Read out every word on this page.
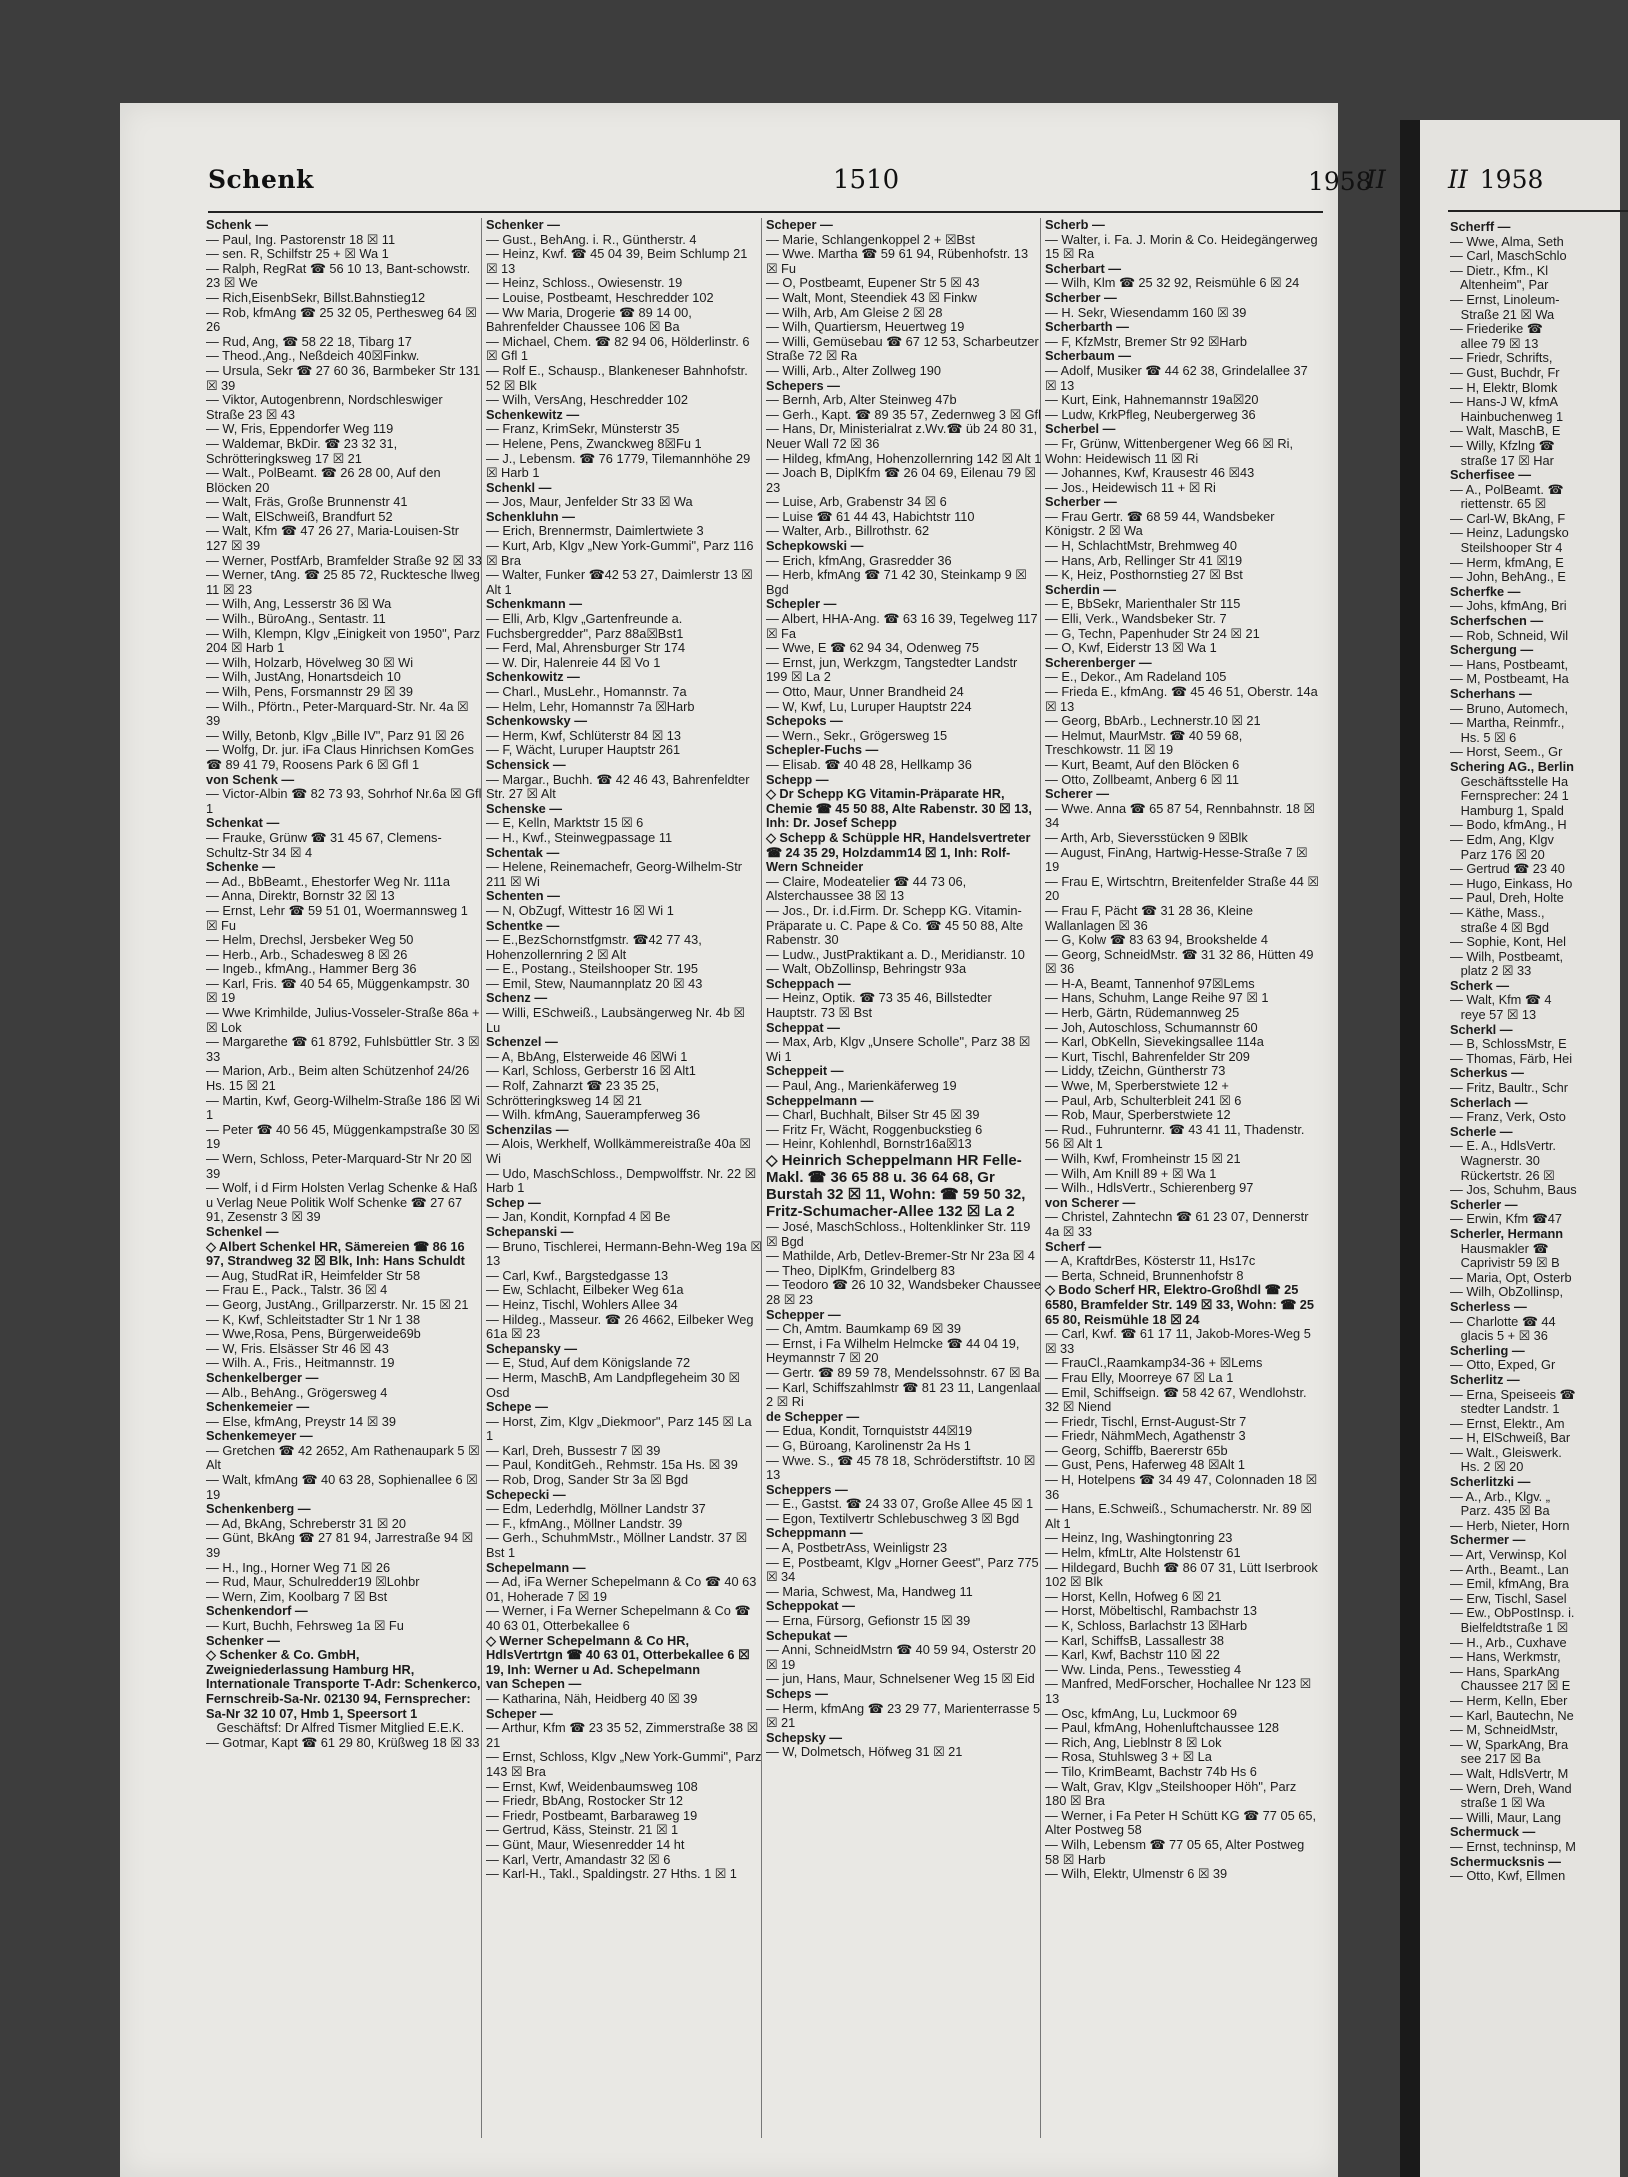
Schenk	1510	1958
II
Schenk —
— Paul, Ing. Pastorenstr 18 ☒ 11
— sen. R, Schilfstr 25 + ☒ Wa 1
— Ralph, RegRat ☎ 56 10 13, Bant-schowstr. 23 ☒ We
— Rich,EisenbSekr, Billst.Bahnstieg12
— Rob, kfmAng ☎ 25 32 05, Perthesweg 64 ☒ 26
— Rud, Ang, ☎ 58 22 18, Tibarg 17
— Theod.,Ang., Neßdeich 40☒Finkw.
— Ursula, Sekr ☎ 27 60 36, Barmbeker Str 131 ☒ 39
— Viktor, Autogenbrenn, Nordschleswiger Straße 23 ☒ 43
— W, Fris, Eppendorfer Weg 119
— Waldemar, BkDir. ☎ 23 32 31, Schrötteringksweg 17 ☒ 21
— Walt., PolBeamt. ☎ 26 28 00, Auf den Blöcken 20
— Walt, Fräs, Große Brunnenstr 41
— Walt, ElSchweiß, Brandfurt 52
— Walt, Kfm ☎ 47 26 27, Maria-Louisen-Str 127 ☒ 39
— Werner, PostfArb, Bramfelder Straße 92 ☒ 33
— Werner, tAng. ☎ 25 85 72, Rucktesche llweg 11 ☒ 23
— Wilh, Ang, Lesserstr 36 ☒ Wa
— Wilh., BüroAng., Sentastr. 11
— Wilh, Klempn, Klgv „Einigkeit von 1950", Parz 204 ☒ Harb 1
— Wilh, Holzarb, Hövelweg 30 ☒ Wi
— Wilh, JustAng, Honartsdeich 10
— Wilh, Pens, Forsmannstr 29 ☒ 39
— Wilh., Pförtn., Peter-Marquard-Str. Nr. 4a ☒ 39
— Willy, Betonb, Klgv „Bille IV", Parz 91 ☒ 26
— Wolfg, Dr. jur. iFa Claus Hinrichsen KomGes ☎ 89 41 79, Roosens Park 6 ☒ Gfl 1
von Schenk —
— Victor-Albin ☎ 82 73 93, Sohrhof Nr.6a ☒ Gfl 1
Schenkat —
— Frauke, Grünw ☎ 31 45 67, Clemens-Schultz-Str 34 ☒ 4
Schenke —
— Ad., BbBeamt., Ehestorfer Weg Nr. 111a
— Anna, Direktr, Bornstr 32 ☒ 13
— Ernst, Lehr ☎ 59 51 01, Woermannsweg 1 ☒ Fu
— Helm, Drechsl, Jersbeker Weg 50
— Herb., Arb., Schadesweg 8 ☒ 26
— Ingeb., kfmAng., Hammer Berg 36
— Karl, Fris. ☎ 40 54 65, Müggenkampstr. 30 ☒ 19
— Wwe Krimhilde, Julius-Vosseler-Straße 86a + ☒ Lok
— Margarethe ☎ 61 8792, Fuhlsbüttler Str. 3 ☒ 33
— Marion, Arb., Beim alten Schützenhof 24/26 Hs. 15 ☒ 21
— Martin, Kwf, Georg-Wilhelm-Straße 186 ☒ Wi 1
— Peter ☎ 40 56 45, Müggenkampstraße 30 ☒ 19
— Wern, Schloss, Peter-Marquard-Str Nr 20 ☒ 39
— Wolf, i d Firm Holsten Verlag Schenke & Haß u Verlag Neue Politik Wolf Schenke ☎ 27 67 91, Zesenstr 3 ☒ 39
Schenkel —
◇ Albert Schenkel HR, Sämereien ☎ 86 16 97, Strandweg 32 ☒ Blk, Inh: Hans Schuldt
— Aug, StudRat iR, Heimfelder Str 58
— Frau E., Pack., Talstr. 36 ☒ 4
— Georg, JustAng., Grillparzerstr. Nr. 15 ☒ 21
— K, Kwf, Schleitstadter Str 1 Nr 1 38
— Wwe,Rosa, Pens, Bürgerweide69b
— W, Fris. Elsässer Str 46 ☒ 43
— Wilh. A., Fris., Heitmannstr. 19
Schenkelberger —
— Alb., BehAng., Grögersweg 4
Schenkemeier —
— Else, kfmAng, Preystr 14 ☒ 39
Schenkemeyer —
— Gretchen ☎ 42 2652, Am Rathenaupark 5 ☒ Alt
— Walt, kfmAng ☎ 40 63 28, Sophienallee 6 ☒ 19
Schenkenberg —
— Ad, BkAng, Schreberstr 31 ☒ 20
— Günt, BkAng ☎ 27 81 94, Jarrestraße 94 ☒ 39
— H., Ing., Horner Weg 71 ☒ 26
— Rud, Maur, Schulredder19 ☒Lohbr
— Wern, Zim, Koolbarg 7 ☒ Bst
Schenkendorf —
— Kurt, Buchh, Fehrsweg 1a ☒ Fu
Schenker —
◇ Schenker & Co. GmbH, Zweigniederlassung Hamburg HR, Internationale Transporte T-Adr: Schenkerco, Fernschreib-Sa-Nr. 02130 94, Fernsprecher: Sa-Nr 32 10 07, Hmb 1, Speersort 1
Geschäftsf: Dr Alfred Tismer Mitglied E.E.K.
— Gotmar, Kapt ☎ 61 29 80, Krüßweg 18 ☒ 33
Schenker —
— Gust., BehAng. i. R., Güntherstr. 4
— Heinz, Kwf. ☎ 45 04 39, Beim Schlump 21 ☒ 13
— Heinz, Schloss., Owiesenstr. 19
— Louise, Postbeamt, Heschredder 102
— Ww Maria, Drogerie ☎ 89 14 00, Bahrenfelder Chaussee 106 ☒ Ba
— Michael, Chem. ☎ 82 94 06, Hölderlinstr. 6 ☒ Gfl 1
— Rolf E., Schausp., Blankeneser Bahnhofstr. 52 ☒ Blk
— Wilh, VersAng, Heschredder 102
Schenkewitz —
— Franz, KrimSekr, Münsterstr 35
— Helene, Pens, Zwanckweg 8☒Fu 1
— J., Lebensm. ☎ 76 1779, Tilemannhöhe 29 ☒ Harb 1
Schenkl —
— Jos, Maur, Jenfelder Str 33 ☒ Wa
Schenkluhn —
— Erich, Brennermstr, Daimlertwiete 3
— Kurt, Arb, Klgv „New York-Gummi", Parz 116 ☒ Bra
— Walter, Funker ☎42 53 27, Daimlerstr 13 ☒ Alt 1
Schenkmann —
— Elli, Arb, Klgv „Gartenfreunde a. Fuchsbergredder", Parz 88a☒Bst1
— Ferd, Mal, Ahrensburger Str 174
— W. Dir, Halenreie 44 ☒ Vo 1
Schenkowitz —
— Charl., MusLehr., Homannstr. 7a
— Helm, Lehr, Homannstr 7a ☒Harb
Schenkowsky —
— Herm, Kwf, Schlüterstr 84 ☒ 13
— F, Wächt, Luruper Hauptstr 261
Schensick —
— Margar., Buchh. ☎ 42 46 43, Bahrenfeldter Str. 27 ☒ Alt
Schenske —
— E, Kelln, Marktstr 15 ☒ 6
— H., Kwf., Steinwegpassage 11
Schentak —
— Helene, Reinemachefr, Georg-Wilhelm-Str 211 ☒ Wi
Schenten —
— N, ObZugf, Wittestr 16 ☒ Wi 1
Schentke —
— E.,BezSchornstfgmstr. ☎42 77 43, Hohenzollernring 2 ☒ Alt
— E., Postang., Steilshooper Str. 195
— Emil, Stew, Naumannplatz 20 ☒ 43
Schenz —
— Willi, ESchweiß., Laubsängerweg Nr. 4b ☒ Lu
Schenzel —
— A, BbAng, Elsterweide 46 ☒Wi 1
— Karl, Schloss, Gerberstr 16 ☒ Alt1
— Rolf, Zahnarzt ☎ 23 35 25, Schrötteringksweg 14 ☒ 21
— Wilh. kfmAng, Sauerampferweg 36
Schenzilas —
— Alois, Werkhelf, Wollkämmereistraße 40a ☒ Wi
— Udo, MaschSchloss., Dempwolffstr. Nr. 22 ☒ Harb 1
Schep —
— Jan, Kondit, Kornpfad 4 ☒ Be
Schepanski —
— Bruno, Tischlerei, Hermann-Behn-Weg 19a ☒ 13
— Carl, Kwf., Bargstedgasse 13
— Ew, Schlacht, Eilbeker Weg 61a
— Heinz, Tischl, Wohlers Allee 34
— Hildeg., Masseur. ☎ 26 4662, Eilbeker Weg 61a ☒ 23
Schepansky —
— E, Stud, Auf dem Königslande 72
— Herm, MaschB, Am Landpflegeheim 30 ☒ Osd
Schepe —
— Horst, Zim, Klgv „Diekmoor", Parz 145 ☒ La 1
— Karl, Dreh, Bussestr 7 ☒ 39
— Paul, KonditGeh., Rehmstr. 15a Hs. ☒ 39
— Rob, Drog, Sander Str 3a ☒ Bgd
Schepecki —
— Edm, Lederhdlg, Möllner Landstr 37
— F., kfmAng., Möllner Landstr. 39
— Gerh., SchuhmMstr., Möllner Landstr. 37 ☒ Bst 1
Schepelmann —
— Ad, iFa Werner Schepelmann & Co ☎ 40 63 01, Hoherade 7 ☒ 19
— Werner, i Fa Werner Schepelmann & Co ☎ 40 63 01, Otterbekallee 6
◇ Werner Schepelmann & Co HR, HdlsVertrtgn ☎ 40 63 01, Otterbekallee 6 ☒ 19, Inh: Werner u Ad. Schepelmann
van Schepen —
— Katharina, Näh, Heidberg 40 ☒ 39
Scheper —
— Arthur, Kfm ☎ 23 35 52, Zimmerstraße 38 ☒ 21
— Ernst, Schloss, Klgv „New York-Gummi", Parz 143 ☒ Bra
— Ernst, Kwf, Weidenbaumsweg 108
— Friedr, BbAng, Rostocker Str 12
— Friedr, Postbeamt, Barbaraweg 19
— Gertrud, Käss, Steinstr. 21 ☒ 1
— Günt, Maur, Wiesenredder 14 ht
— Karl, Vertr, Amandastr 32 ☒ 6
— Karl-H., Takl., Spaldingstr. 27 Hths. 1 ☒ 1
Scheper —
— Marie, Schlangenkoppel 2 + ☒Bst
— Wwe. Martha ☎ 59 61 94, Rübenhofstr. 13 ☒ Fu
— O, Postbeamt, Eupener Str 5 ☒ 43
— Walt, Mont, Steendiek 43 ☒ Finkw
— Wilh, Arb, Am Gleise 2 ☒ 28
— Wilh, Quartiersm, Heuertweg 19
— Willi, Gemüsebau ☎ 67 12 53, Scharbeutzer Straße 72 ☒ Ra
— Willi, Arb., Alter Zollweg 190
Schepers —
— Bernh, Arb, Alter Steinweg 47b
— Gerh., Kapt. ☎ 89 35 57, Zedernweg 3 ☒ Gfl
— Hans, Dr, Ministerialrat z.Wv.☎ üb 24 80 31, Neuer Wall 72 ☒ 36
— Hildeg, kfmAng, Hohenzollernring 142 ☒ Alt 1
— Joach B, DiplKfm ☎ 26 04 69, Eilenau 79 ☒ 23
— Luise, Arb, Grabenstr 34 ☒ 6
— Luise ☎ 61 44 43, Habichtstr 110
— Walter, Arb., Billrothstr. 62
Schepkowski —
— Erich, kfmAng, Grasredder 36
— Herb, kfmAng ☎ 71 42 30, Steinkamp 9 ☒ Bgd
Schepler —
— Albert, HHA-Ang. ☎ 63 16 39, Tegelweg 117 ☒ Fa
— Wwe, E ☎ 62 94 34, Odenweg 75
— Ernst, jun, Werkzgm, Tangstedter Landstr 199 ☒ La 2
— Otto, Maur, Unner Brandheid 24
— W, Kwf, Lu, Luruper Hauptstr 224
Schepoks —
— Wern., Sekr., Grögersweg 15
Schepler-Fuchs —
— Elisab. ☎ 40 48 28, Hellkamp 36
Schepp —
◇ Dr Schepp KG Vitamin-Präparate HR, Chemie ☎ 45 50 88, Alte Rabenstr. 30 ☒ 13, Inh: Dr. Josef Schepp
◇ Schepp & Schüpple HR, Handelsvertreter ☎ 24 35 29, Holzdamm14 ☒ 1, Inh: Rolf-Wern Schneider
— Claire, Modeatelier ☎ 44 73 06, Alsterchaussee 38 ☒ 13
— Jos., Dr. i.d.Firm. Dr. Schepp KG. Vitamin-Präparate u. C. Pape & Co. ☎ 45 50 88, Alte Rabenstr. 30
— Ludw., JustPraktikant a. D., Meridianstr. 10
— Walt, ObZollinsp, Behringstr 93a
Scheppach —
— Heinz, Optik. ☎ 73 35 46, Billstedter Hauptstr. 73 ☒ Bst
Scheppat —
— Max, Arb, Klgv „Unsere Scholle", Parz 38 ☒ Wi 1
Scheppeit —
— Paul, Ang., Marienkäferweg 19
Scheppelmann —
— Charl, Buchhalt, Bilser Str 45 ☒ 39
— Fritz Fr, Wächt, Roggenbuckstieg 6
— Heinr, Kohlenhdl, Bornstr16a☒13
◇ Heinrich Scheppelmann HR Felle-Makl. ☎ 36 65 88 u. 36 64 68, Gr Burstah 32 ☒ 11, Wohn: ☎ 59 50 32, Fritz-Schumacher-Allee 132 ☒ La 2
— José, MaschSchloss., Holtenklinker Str. 119 ☒ Bgd
— Mathilde, Arb, Detlev-Bremer-Str Nr 23a ☒ 4
— Theo, DiplKfm, Grindelberg 83
— Teodoro ☎ 26 10 32, Wandsbeker Chaussee 28 ☒ 23
Schepper —
— Ch, Amtm. Baumkamp 69 ☒ 39
— Ernst, i Fa Wilhelm Helmcke ☎ 44 04 19, Heymannstr 7 ☒ 20
— Gertr. ☎ 89 59 78, Mendelssohnstr. 67 ☒ Ba
— Karl, Schiffszahlmstr ☎ 81 23 11, Langenlaal 2 ☒ Ri
de Schepper —
— Edua, Kondit, Tornquiststr 44☒19
— G, Büroang, Karolinenstr 2a Hs 1
— Wwe. S., ☎ 45 78 18, Schröderstiftstr. 10 ☒ 13
Scheppers —
— E., Gastst. ☎ 24 33 07, Große Allee 45 ☒ 1
— Egon, Textilvertr Schlebuschweg 3 ☒ Bgd
Scheppmann —
— A, PostbetrAss, Weinligstr 23
— E, Postbeamt, Klgv „Horner Geest", Parz 775 ☒ 34
— Maria, Schwest, Ma, Handweg 11
Scheppokat —
— Erna, Fürsorg, Gefionstr 15 ☒ 39
Schepukat —
— Anni, SchneidMstrn ☎ 40 59 94, Osterstr 20 ☒ 19
— jun, Hans, Maur, Schnelsener Weg 15 ☒ Eid
Scheps —
— Herm, kfmAng ☎ 23 29 77, Marienterrasse 5 ☒ 21
Schepsky —
— W, Dolmetsch, Höfweg 31 ☒ 21
Scherb —
— Walter, i. Fa. J. Morin & Co. Heidegängerweg 15 ☒ Ra
Scherbart —
— Wilh, Klm ☎ 25 32 92, Reismühle 6 ☒ 24
Scherber —
— H. Sekr, Wiesendamm 160 ☒ 39
Scherbarth —
— F, KfzMstr, Bremer Str 92 ☒Harb
Scherbaum —
— Adolf, Musiker ☎ 44 62 38, Grindelallee 37 ☒ 13
— Kurt, Eink, Hahnemannstr 19a☒20
— Ludw, KrkPfleg, Neubergerweg 36
Scherbel —
— Fr, Grünw, Wittenbergener Weg 66 ☒ Ri, Wohn: Heidewisch 11 ☒ Ri
— Johannes, Kwf, Krausestr 46 ☒43
— Jos., Heidewisch 11 + ☒ Ri
Scherber —
— Frau Gertr. ☎ 68 59 44, Wandsbeker Königstr. 2 ☒ Wa
— H, SchlachtMstr, Brehmweg 40
— Hans, Arb, Rellinger Str 41 ☒19
— K, Heiz, Posthornstieg 27 ☒ Bst
Scherdin —
— E, BbSekr, Marienthaler Str 115
— Elli, Verk., Wandsbeker Str. 7
— G, Techn, Papenhuder Str 24 ☒ 21
— O, Kwf, Eiderstr 13 ☒ Wa 1
Scherenberger —
— E., Dekor., Am Radeland 105
— Frieda E., kfmAng. ☎ 45 46 51, Oberstr. 14a ☒ 13
— Georg, BbArb., Lechnerstr.10 ☒ 21
— Helmut, MaurMstr. ☎ 40 59 68, Treschkowstr. 11 ☒ 19
— Kurt, Beamt, Auf den Blöcken 6
— Otto, Zollbeamt, Anberg 6 ☒ 11
Scherer —
— Wwe. Anna ☎ 65 87 54, Rennbahnstr. 18 ☒ 34
— Arth, Arb, Sieversstücken 9 ☒Blk
— August, FinAng, Hartwig-Hesse-Straße 7 ☒ 19
— Frau E, Wirtschtrn, Breitenfelder Straße 44 ☒ 20
— Frau F, Pächt ☎ 31 28 36, Kleine Wallanlagen ☒ 36
— G, Kolw ☎ 83 63 94, Brookshelde 4
— Georg, SchneidMstr. ☎ 31 32 86, Hütten 49 ☒ 36
— H-A, Beamt, Tannenhof 97☒Lems
— Hans, Schuhm, Lange Reihe 97 ☒ 1
— Herb, Gärtn, Rüdemannweg 25
— Joh, Autoschloss, Schumannstr 60
— Karl, ObKelln, Sievekingsallee 114a
— Kurt, Tischl, Bahrenfelder Str 209
— Liddy, tZeichn, Güntherstr 73
— Wwe, M, Sperberstwiete 12 +
— Paul, Arb, Schulterbleit 241 ☒ 6
— Rob, Maur, Sperberstwiete 12
— Rud., Fuhrunternr. ☎ 43 41 11, Thadenstr. 56 ☒ Alt 1
— Wilh, Kwf, Fromheinstr 15 ☒ 21
— Wilh, Am Knill 89 + ☒ Wa 1
— Wilh., HdlsVertr., Schierenberg 97
von Scherer —
— Christel, Zahntechn ☎ 61 23 07, Dennerstr 4a ☒ 33
Scherf —
— A, KraftdrBes, Kösterstr 11, Hs17c
— Berta, Schneid, Brunnenhofstr 8
◇ Bodo Scherf HR, Elektro-Großhdl ☎ 25 6580, Bramfelder Str. 149 ☒ 33, Wohn: ☎ 25 65 80, Reismühle 18 ☒ 24
— Carl, Kwf. ☎ 61 17 11, Jakob-Mores-Weg 5 ☒ 33
— FrauCl.,Raamkamp34-36 + ☒Lems
— Frau Elly, Moorreye 67 ☒ La 1
— Emil, Schiffseign. ☎ 58 42 67, Wendlohstr. 32 ☒ Niend
— Friedr, Tischl, Ernst-August-Str 7
— Friedr, NähmMech, Agathenstr 3
— Georg, Schiffb, Baererstr 65b
— Gust, Pens, Haferweg 48 ☒Alt 1
— H, Hotelpens ☎ 34 49 47, Colonnaden 18 ☒ 36
— Hans, E.Schweiß., Schumacherstr. Nr. 89 ☒ Alt 1
— Heinz, Ing, Washingtonring 23
— Helm, kfmLtr, Alte Holstenstr 61
— Hildegard, Buchh ☎ 86 07 31, Lütt Iserbrook 102 ☒ Blk
— Horst, Kelln, Hofweg 6 ☒ 21
— Horst, Möbeltischl, Rambachstr 13
— K, Schloss, Barlachstr 13 ☒Harb
— Karl, SchiffsB, Lassallestr 38
— Karl, Kwf, Bachstr 110 ☒ 22
— Ww. Linda, Pens., Tewesstieg 4
— Manfred, MedForscher, Hochallee Nr 123 ☒ 13
— Osc, kfmAng, Lu, Luckmoor 69
— Paul, kfmAng, Hohenluftchaussee 128
— Rich, Ang, Lieblnstr 8 ☒ Lok
— Rosa, Stuhlsweg 3 + ☒ La
— Tilo, KrimBeamt, Bachstr 74b Hs 6
— Walt, Grav, Klgv „Steilshooper Höh", Parz 180 ☒ Bra
— Werner, i Fa Peter H Schütt KG ☎ 77 05 65, Alter Postweg 58
— Wilh, Lebensm ☎ 77 05 65, Alter Postweg 58 ☒ Harb
— Wilh, Elektr, Ulmenstr 6 ☒ 39
II 1958
Scherff —
— Wwe, Alma, Seth
— Carl, MaschSchlo
— Dietr., Kfm., Kl
Altenheim", Par
— Ernst, Linoleum-
Straße 21 ☒ Wa
— Friederike ☎
allee 79 ☒ 13
— Friedr, Schrifts,
— Gust, Buchdr, Fr
— H, Elektr, Blomk
— Hans-J W, kfmA
Hainbuchenweg 1
— Walt, MaschB, E
— Willy, Kfzlng ☎
straße 17 ☒ Har
Scherfisee —
— A., PolBeamt. ☎
riettenstr. 65 ☒
— Carl-W, BkAng, F
— Heinz, Ladungsko
Steilshooper Str 4
— Herm, kfmAng, E
— John, BehAng., E
Scherfke —
— Johs, kfmAng, Bri
Scherfschen —
— Rob, Schneid, Wil
Schergung —
— Hans, Postbeamt,
— M, Postbeamt, Ha
Scherhans —
— Bruno, Automech,
— Martha, Reinmfr.,
Hs. 5 ☒ 6
— Horst, Seem., Gr
Schering AG., Berlin
Geschäftsstelle Ha
Fernsprecher: 24 1
Hamburg 1, Spald
— Bodo, kfmAng., H
— Edm, Ang, Klgv
Parz 176 ☒ 20
— Gertrud ☎ 23 40
— Hugo, Einkass, Ho
— Paul, Dreh, Holte
— Käthe, Mass.,
straße 4 ☒ Bgd
— Sophie, Kont, Hel
— Wilh, Postbeamt,
platz 2 ☒ 33
Scherk —
— Walt, Kfm ☎ 4
reye 57 ☒ 13
Scherkl —
— B, SchlossMstr, E
— Thomas, Färb, Hei
Scherkus —
— Fritz, Baultr., Schr
Scherlach —
— Franz, Verk, Osto
Scherle —
— E. A., HdlsVertr.
Wagnerstr. 30
Rückertstr. 26 ☒
— Jos, Schuhm, Baus
Scherler —
— Erwin, Kfm ☎47
Scherler, Hermann
Hausmakler ☎
Caprivistr 59 ☒ B
— Maria, Opt, Osterb
— Wilh, ObZollinsp,
Scherless —
— Charlotte ☎ 44
glacis 5 + ☒ 36
Scherling —
— Otto, Exped, Gr
Scherlitz —
— Erna, Speiseeis ☎
stedter Landstr. 1
— Ernst, Elektr., Am
— H, ElSchweiß, Bar
— Walt., Gleiswerk.
Hs. 2 ☒ 20
Scherlitzki —
— A., Arb., Klgv. „
Parz. 435 ☒ Ba
— Herb, Nieter, Horn
Schermer —
— Art, Verwinsp, Kol
— Arth., Beamt., Lan
— Emil, kfmAng, Bra
— Erw, Tischl, Sasel
— Ew., ObPostInsp. i.
Bielfeldtstraße 1 ☒
— H., Arb., Cuxhave
— Hans, Werkmstr,
— Hans, SparkAng
Chaussee 217 ☒ E
— Herm, Kelln, Eber
— Karl, Bautechn, Ne
— M, SchneidMstr,
— W, SparkAng, Bra
see 217 ☒ Ba
— Walt, HdlsVertr, M
— Wern, Dreh, Wand
straße 1 ☒ Wa
— Willi, Maur, Lang
Schermuck —
— Ernst, techninsp, M
Schermucksnis —
— Otto, Kwf, Ellmen
